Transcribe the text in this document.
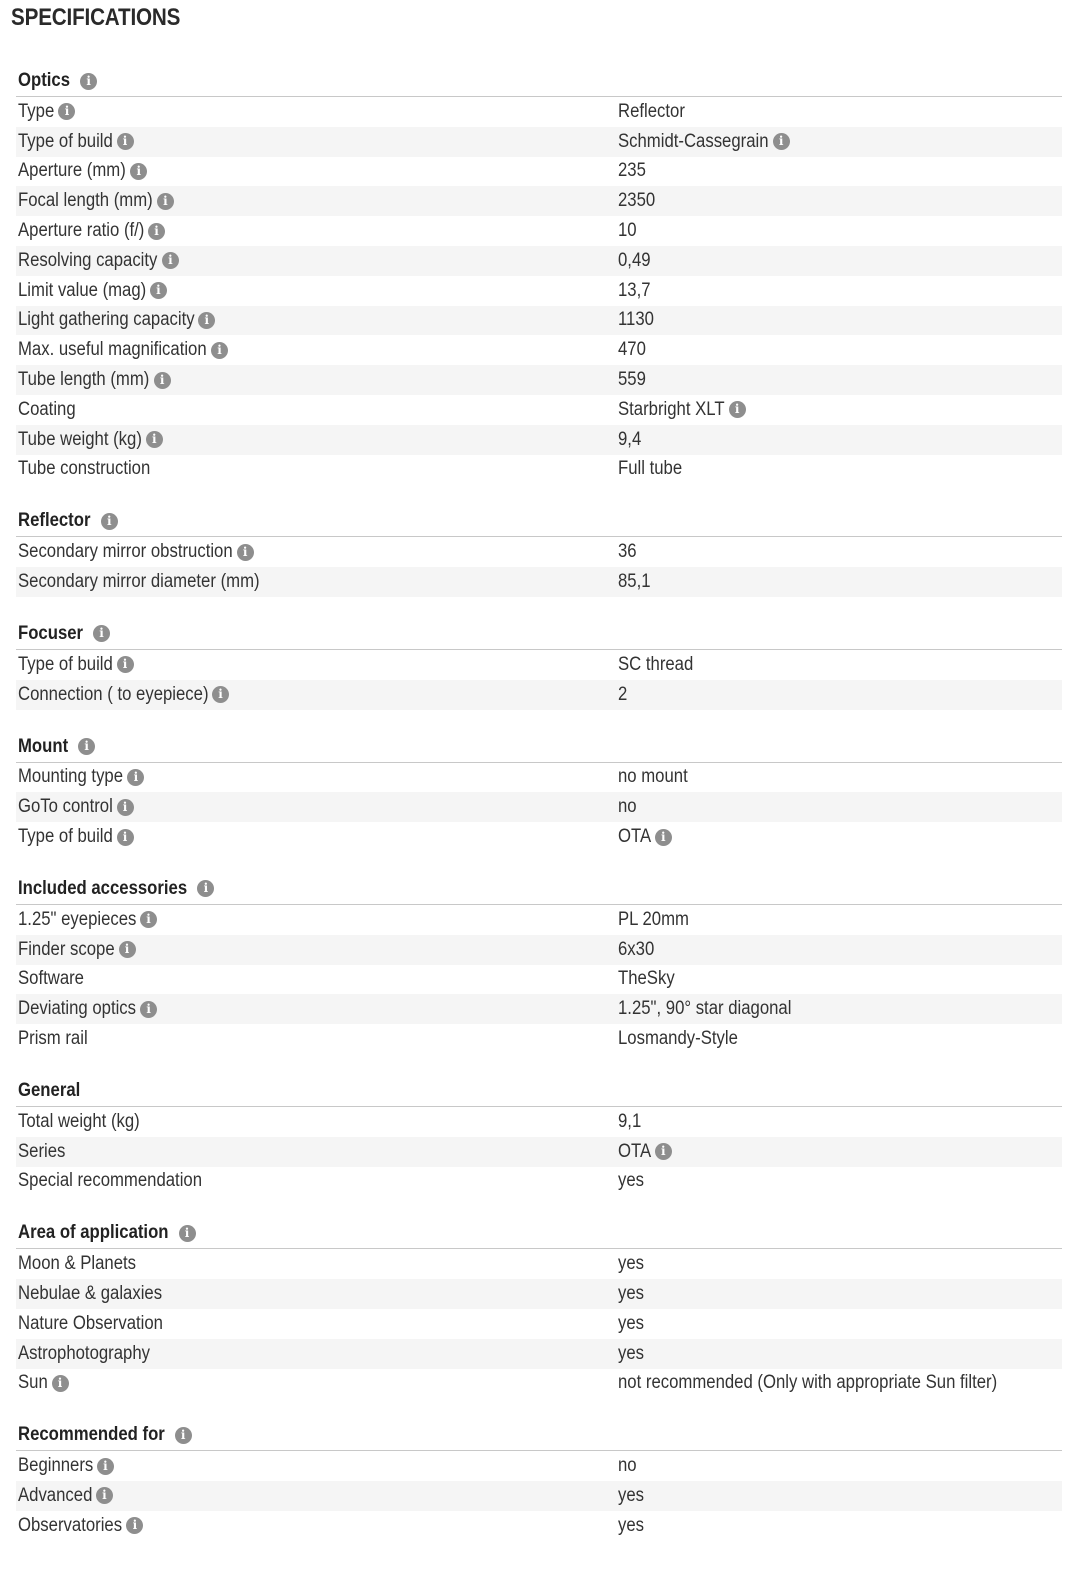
SPECIFICATIONS
Optics	i
Type i	Reflector
Type of build i	Schmidt-Cassegrain i
Aperture (mm) i	235
Focal length (mm) i	2350
Aperture ratio (f/) i	10
Resolving capacity i	0,49
Limit value (mag) i	13,7
Light gathering capacity i	1130
Max. useful magnification i	470
Tube length (mm) i	559
Coating	Starbright XLT i
Tube weight (kg) i	9,4
Tube construction	Full tube
Reflector	i
Secondary mirror obstruction i	36
Secondary mirror diameter (mm)	85,1
Focuser	i
Type of build i	SC thread
Connection ( to eyepiece) i	2
Mount	i
Mounting type i	no mount
GoTo control i	no
Type of build i	OTA i
Included accessories	i
1.25" eyepieces i	PL 20mm
Finder scope i	6x30
Software	TheSky
Deviating optics i	1.25", 90° star diagonal
Prism rail	Losmandy-Style
General
Total weight (kg)	9,1
Series	OTA i
Special recommendation	yes
Area of application	i
Moon & Planets	yes
Nebulae & galaxies	yes
Nature Observation	yes
Astrophotography	yes
Sun i	not recommended (Only with appropriate Sun filter)
Recommended for	i
Beginners i	no
Advanced i	yes
Observatories i	yes
